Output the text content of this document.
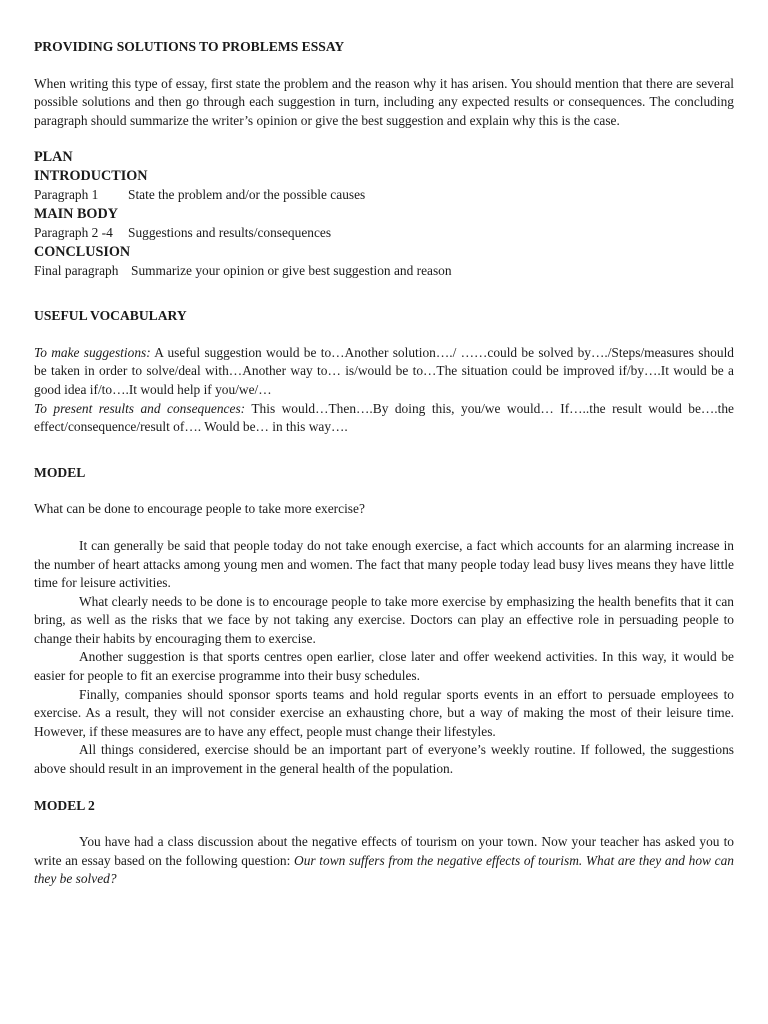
PROVIDING SOLUTIONS TO PROBLEMS ESSAY

When writing this type of essay, first state the problem and the reason why it has arisen. You should mention that there are several possible solutions and then go through each suggestion in turn, including any expected results or consequences. The concluding paragraph should summarize the writer’s opinion or give the best suggestion and explain why this is the case.

PLAN

INTRODUCTION

Paragraph 1	State the problem and/or the possible causes

MAIN BODY

Paragraph 2 -4	Suggestions and results/consequences

CONCLUSION

Final paragraph Summarize your opinion or give best suggestion and reason

USEFUL VOCABULARY

To make suggestions: A useful suggestion would be to…Another solution…./ ……could be solved by…./Steps/measures should be taken in order to solve/deal with…Another way to… is/would be to…The situation could be improved if/by….It would be a good idea if/to….It would help if you/we/…

To present results and consequences: This would…Then….By doing this, you/we would… If…..the result would be….the effect/consequence/result of…. Would be… in this way….

MODEL

What can be done to encourage people to take more exercise?

It can generally be said that people today do not take enough exercise, a fact which accounts for an alarming increase in the number of heart attacks among young men and women. The fact that many people today lead busy lives means they have little time for leisure activities.

What clearly needs to be done is to encourage people to take more exercise by emphasizing the health benefits that it can bring, as well as the risks that we face by not taking any exercise. Doctors can play an effective role in persuading people to change their habits by encouraging them to exercise.

Another suggestion is that sports centres open earlier, close later and offer weekend activities. In this way, it would be easier for people to fit an exercise programme into their busy schedules.

Finally, companies should sponsor sports teams and hold regular sports events in an effort to persuade employees to exercise. As a result, they will not consider exercise an exhausting chore, but a way of making the most of their leisure time. However, if these measures are to have any effect, people must change their lifestyles.

All things considered, exercise should be an important part of everyone’s weekly routine. If followed, the suggestions above should result in an improvement in the general health of the population.

MODEL 2

You have had a class discussion about the negative effects of tourism on your town. Now your teacher has asked you to write an essay based on the following question: Our town suffers from the negative effects of tourism. What are they and how can they be solved?
